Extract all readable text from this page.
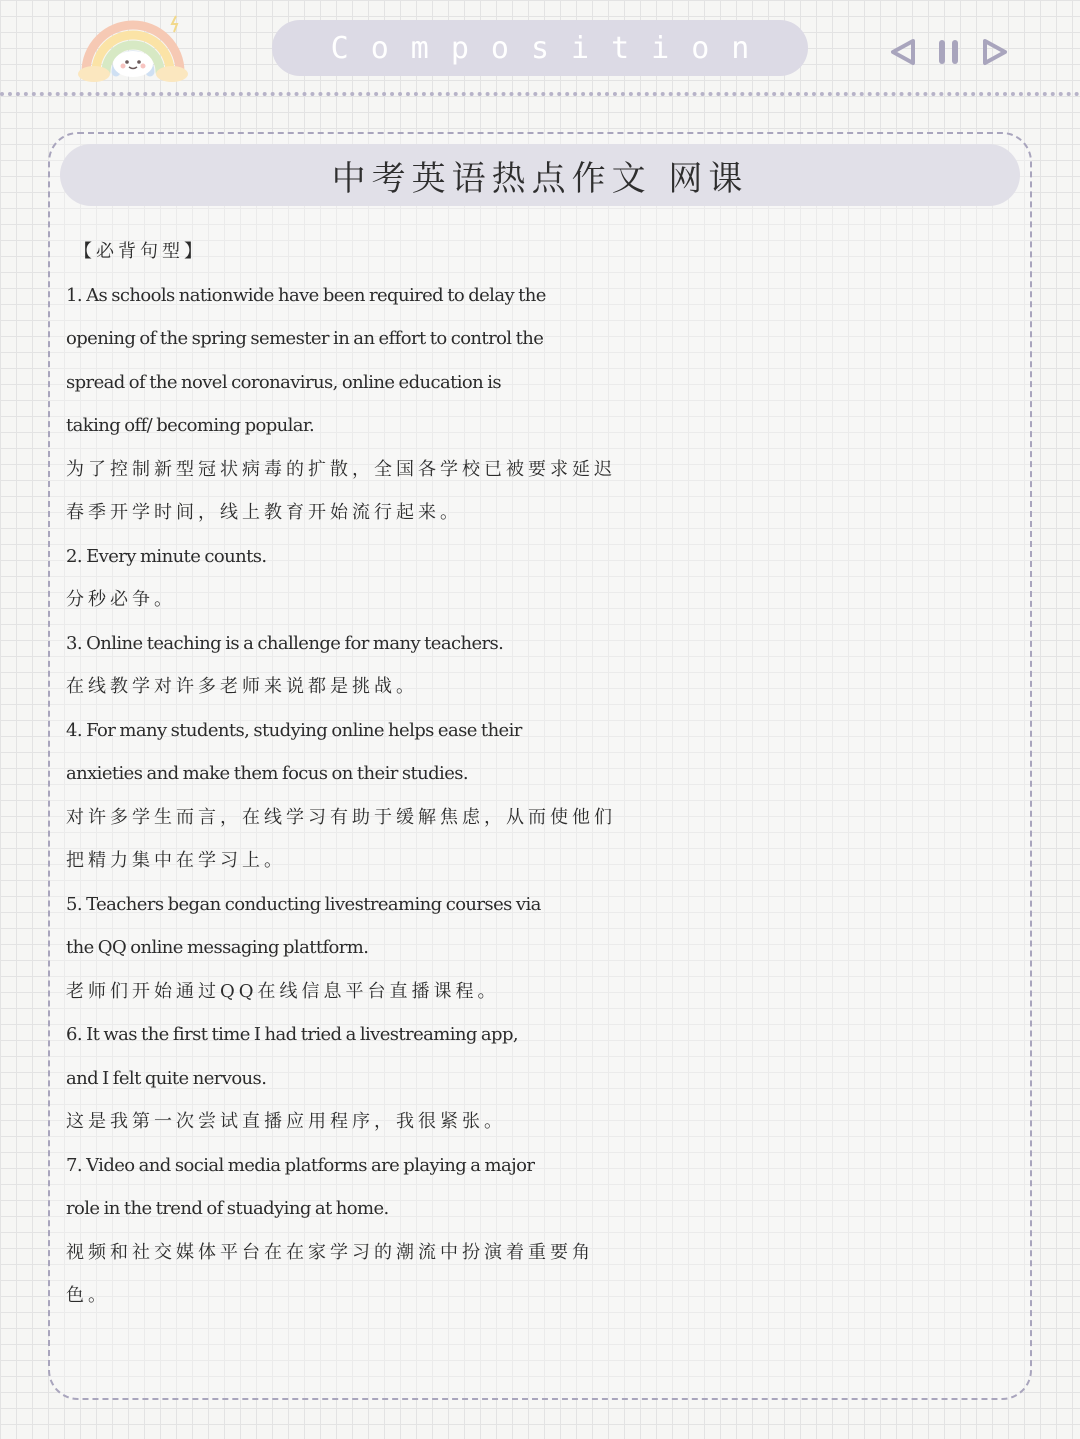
Composition
中考英语热点作文 网课

【必背句型】

1. As schools nationwide have been required to delay the

opening of the spring semester in an effort to control the

spread of the novel coronavirus, online education is

taking off/ becoming popular.

为了控制新型冠状病毒的扩散，全国各学校已被要求延迟

春季开学时间，线上教育开始流行起来。

2. Every minute counts.

分秒必争。

3. Online teaching is a challenge for many teachers.

在线教学对许多老师来说都是挑战。

4. For many students, studying online helps ease their

anxieties and make them focus on their studies.

对许多学生而言，在线学习有助于缓解焦虑，从而使他们

把精力集中在学习上。

5. Teachers began conducting livestreaming courses via

the QQ online messaging plattform.

老师们开始通过QQ在线信息平台直播课程。

6. It was the first time I had tried a livestreaming app,

and I felt quite nervous.

这是我第一次尝试直播应用程序，我很紧张。

7. Video and social media platforms are playing a major

role in the trend of stuadying at home.

视频和社交媒体平台在在家学习的潮流中扮演着重要角

色。
